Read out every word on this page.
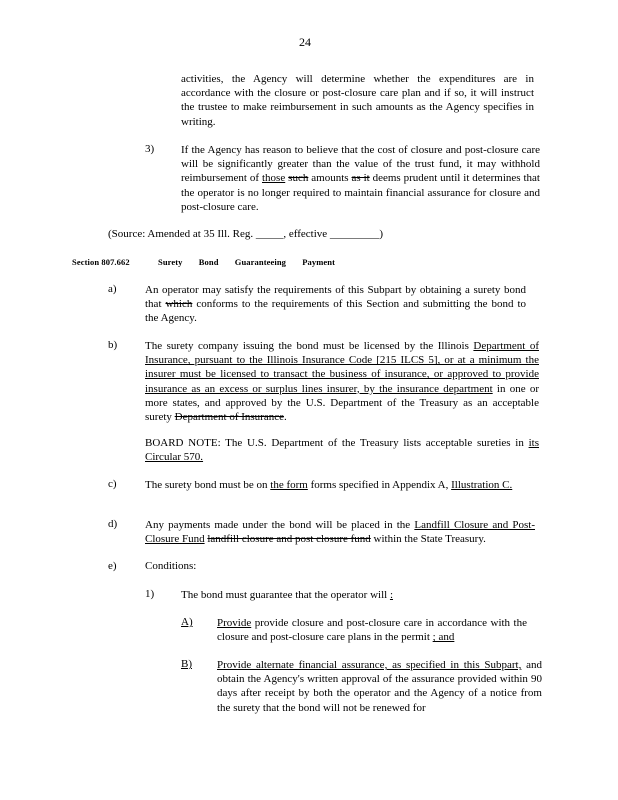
24
activities, the Agency will determine whether the expenditures are in accordance with the closure or post-closure care plan and if so, it will instruct the trustee to make reimbursement in such amounts as the Agency specifies in writing.
3) If the Agency has reason to believe that the cost of closure and post-closure care will be significantly greater than the value of the trust fund, it may withhold reimbursement of those such amounts as it deems prudent until it determines that the operator is no longer required to maintain financial assurance for closure and post-closure care.
(Source: Amended at 35 Ill. Reg. _____, effective _________)
Section 807.662	Surety Bond Guaranteeing Payment
a)	An operator may satisfy the requirements of this Subpart by obtaining a surety bond that which conforms to the requirements of this Section and submitting the bond to the Agency.
b)	The surety company issuing the bond must be licensed by the Illinois Department of Insurance, pursuant to the Illinois Insurance Code [215 ILCS 5], or at a minimum the insurer must be licensed to transact the business of insurance, or approved to provide insurance as an excess or surplus lines insurer, by the insurance department in one or more states, and approved by the U.S. Department of the Treasury as an acceptable surety Department of Insurance.
BOARD NOTE: The U.S. Department of the Treasury lists acceptable sureties in its Circular 570.
c)	The surety bond must be on the form forms specified in Appendix A, Illustration C.
d)	Any payments made under the bond will be placed in the Landfill Closure and Post-Closure Fund landfill closure and post closure fund within the State Treasury.
e)	Conditions:
1) The bond must guarantee that the operator will :
A) Provide provide closure and post-closure care in accordance with the closure and post-closure care plans in the permit ; and
B) Provide alternate financial assurance, as specified in this Subpart, and obtain the Agency's written approval of the assurance provided within 90 days after receipt by both the operator and the Agency of a notice from the surety that the bond will not be renewed for
